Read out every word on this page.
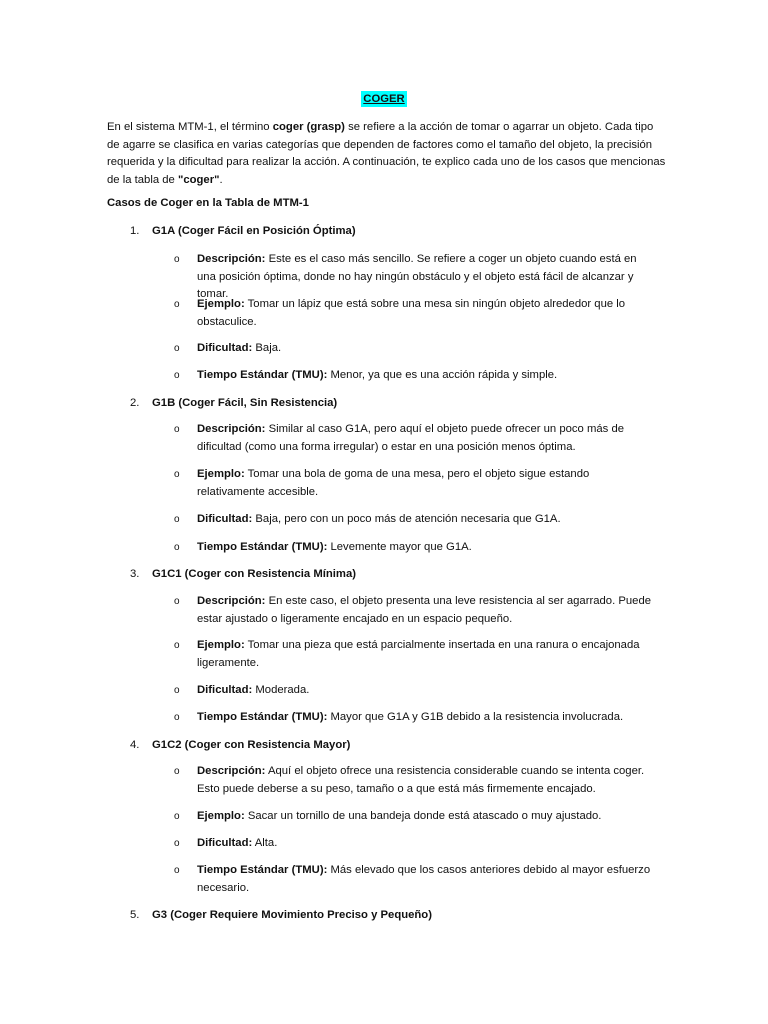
COGER

En el sistema MTM-1, el término coger (grasp) se refiere a la acción de tomar o agarrar un objeto. Cada tipo de agarre se clasifica en varias categorías que dependen de factores como el tamaño del objeto, la precisión requerida y la dificultad para realizar la acción. A continuación, te explico cada uno de los casos que mencionas de la tabla de "coger".

Casos de Coger en la Tabla de MTM-1

1. G1A (Coger Fácil en Posición Óptima)

o Descripción: Este es el caso más sencillo. Se refiere a coger un objeto cuando está en una posición óptima, donde no hay ningún obstáculo y el objeto está fácil de alcanzar y tomar.
o Ejemplo: Tomar un lápiz que está sobre una mesa sin ningún objeto alrededor que lo obstaculice.
o Dificultad: Baja.
o Tiempo Estándar (TMU): Menor, ya que es una acción rápida y simple.

2. G1B (Coger Fácil, Sin Resistencia)

o Descripción: Similar al caso G1A, pero aquí el objeto puede ofrecer un poco más de dificultad (como una forma irregular) o estar en una posición menos óptima.
o Ejemplo: Tomar una bola de goma de una mesa, pero el objeto sigue estando relativamente accesible.
o Dificultad: Baja, pero con un poco más de atención necesaria que G1A.
o Tiempo Estándar (TMU): Levemente mayor que G1A.

3. G1C1 (Coger con Resistencia Mínima)

o Descripción: En este caso, el objeto presenta una leve resistencia al ser agarrado. Puede estar ajustado o ligeramente encajado en un espacio pequeño.
o Ejemplo: Tomar una pieza que está parcialmente insertada en una ranura o encajonada ligeramente.
o Dificultad: Moderada.
o Tiempo Estándar (TMU): Mayor que G1A y G1B debido a la resistencia involucrada.

4. G1C2 (Coger con Resistencia Mayor)

o Descripción: Aquí el objeto ofrece una resistencia considerable cuando se intenta coger. Esto puede deberse a su peso, tamaño o a que está más firmemente encajado.
o Ejemplo: Sacar un tornillo de una bandeja donde está atascado o muy ajustado.
o Dificultad: Alta.
o Tiempo Estándar (TMU): Más elevado que los casos anteriores debido al mayor esfuerzo necesario.

5. G3 (Coger Requiere Movimiento Preciso y Pequeño)
